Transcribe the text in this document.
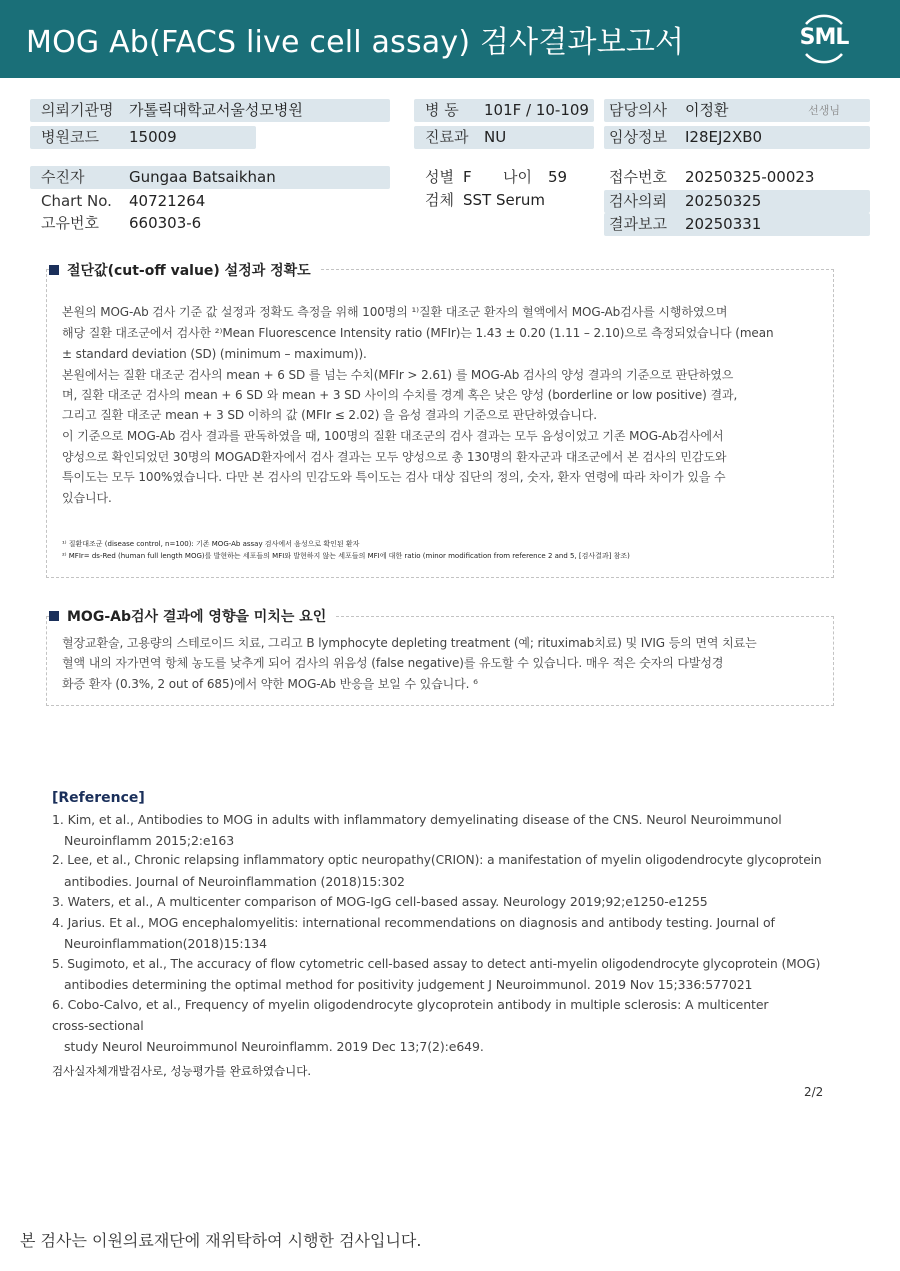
MOG Ab(FACS live cell assay) 검사결과보고서	SML
의뢰기관명 가톨릭대학교서울성모병원
병원코드 15009
병 동 101F / 10-109
진료과 NU
담당의사 이정환	선생님
임상정보 I28EJ2XB0
수진자	Gungaa Batsaikhan
Chart No. 40721264
고유번호 660303-6
성별 F 나이 59
검체 SST Serum
접수번호 20250325-00023
검사의뢰 20250325
결과보고 20250331
절단값(cut-off value) 설정과 정확도
본원의 MOG-Ab 검사 기준 값 설정과 정확도 측정을 위해 100명의 ¹⁾질환 대조군 환자의 혈액에서 MOG-Ab검사를 시행하였으며
해당 질환 대조군에서 검사한 ²⁾Mean Fluorescence Intensity ratio (MFIr)는 1.43 ± 0.20 (1.11 – 2.10)으로 측정되었습니다 (mean
± standard deviation (SD) (minimum – maximum)).
본원에서는 질환 대조군 검사의 mean + 6 SD 를 넘는 수치(MFIr > 2.61) 를 MOG-Ab 검사의 양성 결과의 기준으로 판단하였으
며, 질환 대조군 검사의 mean + 6 SD 와 mean + 3 SD 사이의 수치를 경계 혹은 낮은 양성 (borderline or low positive) 결과,
그리고 질환 대조군 mean + 3 SD 이하의 값 (MFIr ≤ 2.02) 을 음성 결과의 기준으로 판단하였습니다.
이 기준으로 MOG-Ab 검사 결과를 판독하였을 때, 100명의 질환 대조군의 검사 결과는 모두 음성이었고 기존 MOG-Ab검사에서
양성으로 확인되었던 30명의 MOGAD환자에서 검사 결과는 모두 양성으로 총 130명의 환자군과 대조군에서 본 검사의 민감도와
특이도는 모두 100%였습니다. 다만 본 검사의 민감도와 특이도는 검사 대상 집단의 정의, 숫자, 환자 연령에 따라 차이가 있을 수
있습니다.
¹⁾ 질환대조군 (disease control, n=100): 기존 MOG-Ab assay 검사에서 음성으로 확인된 환자
²⁾ MFIr= ds-Red (human full length MOG)를 발현하는 세포들의 MFI와 발현하지 않는 세포들의 MFI에 대한 ratio (minor modification from reference 2 and 5, [검사결과] 참조)
MOG-Ab검사 결과에 영향을 미치는 요인
혈장교환술, 고용량의 스테로이드 치료, 그리고 B lymphocyte depleting treatment (예; rituximab치료) 및 IVIG 등의 면역 치료는
혈액 내의 자가면역 항체 농도를 낮추게 되어 검사의 위음성 (false negative)를 유도할 수 있습니다. 매우 적은 숫자의 다발성경
화증 환자 (0.3%, 2 out of 685)에서 약한 MOG-Ab 반응을 보일 수 있습니다. ⁶
[Reference]
1. Kim, et al., Antibodies to MOG in adults with inflammatory demyelinating disease of the CNS. Neurol Neuroimmunol
Neuroinflamm 2015;2:e163
2. Lee, et al., Chronic relapsing inflammatory optic neuropathy(CRION): a manifestation of myelin oligodendrocyte glycoprotein
antibodies. Journal of Neuroinflammation (2018)15:302
3. Waters, et al., A multicenter comparison of MOG-IgG cell-based assay. Neurology 2019;92;e1250-e1255
4. Jarius. Et al., MOG encephalomyelitis: international recommendations on diagnosis and antibody testing. Journal of
Neuroinflammation(2018)15:134
5. Sugimoto, et al., The accuracy of flow cytometric cell-based assay to detect anti-myelin oligodendrocyte glycoprotein (MOG)
antibodies determining the optimal method for positivity judgement J Neuroimmunol. 2019 Nov 15;336:577021
6. Cobo-Calvo, et al., Frequency of myelin oligodendrocyte glycoprotein antibody in multiple sclerosis: A multicenter
cross-sectional
study Neurol Neuroimmunol Neuroinflamm. 2019 Dec 13;7(2):e649.
검사실자체개발검사로, 성능평가를 완료하였습니다.
2/2
본 검사는 이원의료재단에 재위탁하여 시행한 검사입니다.
